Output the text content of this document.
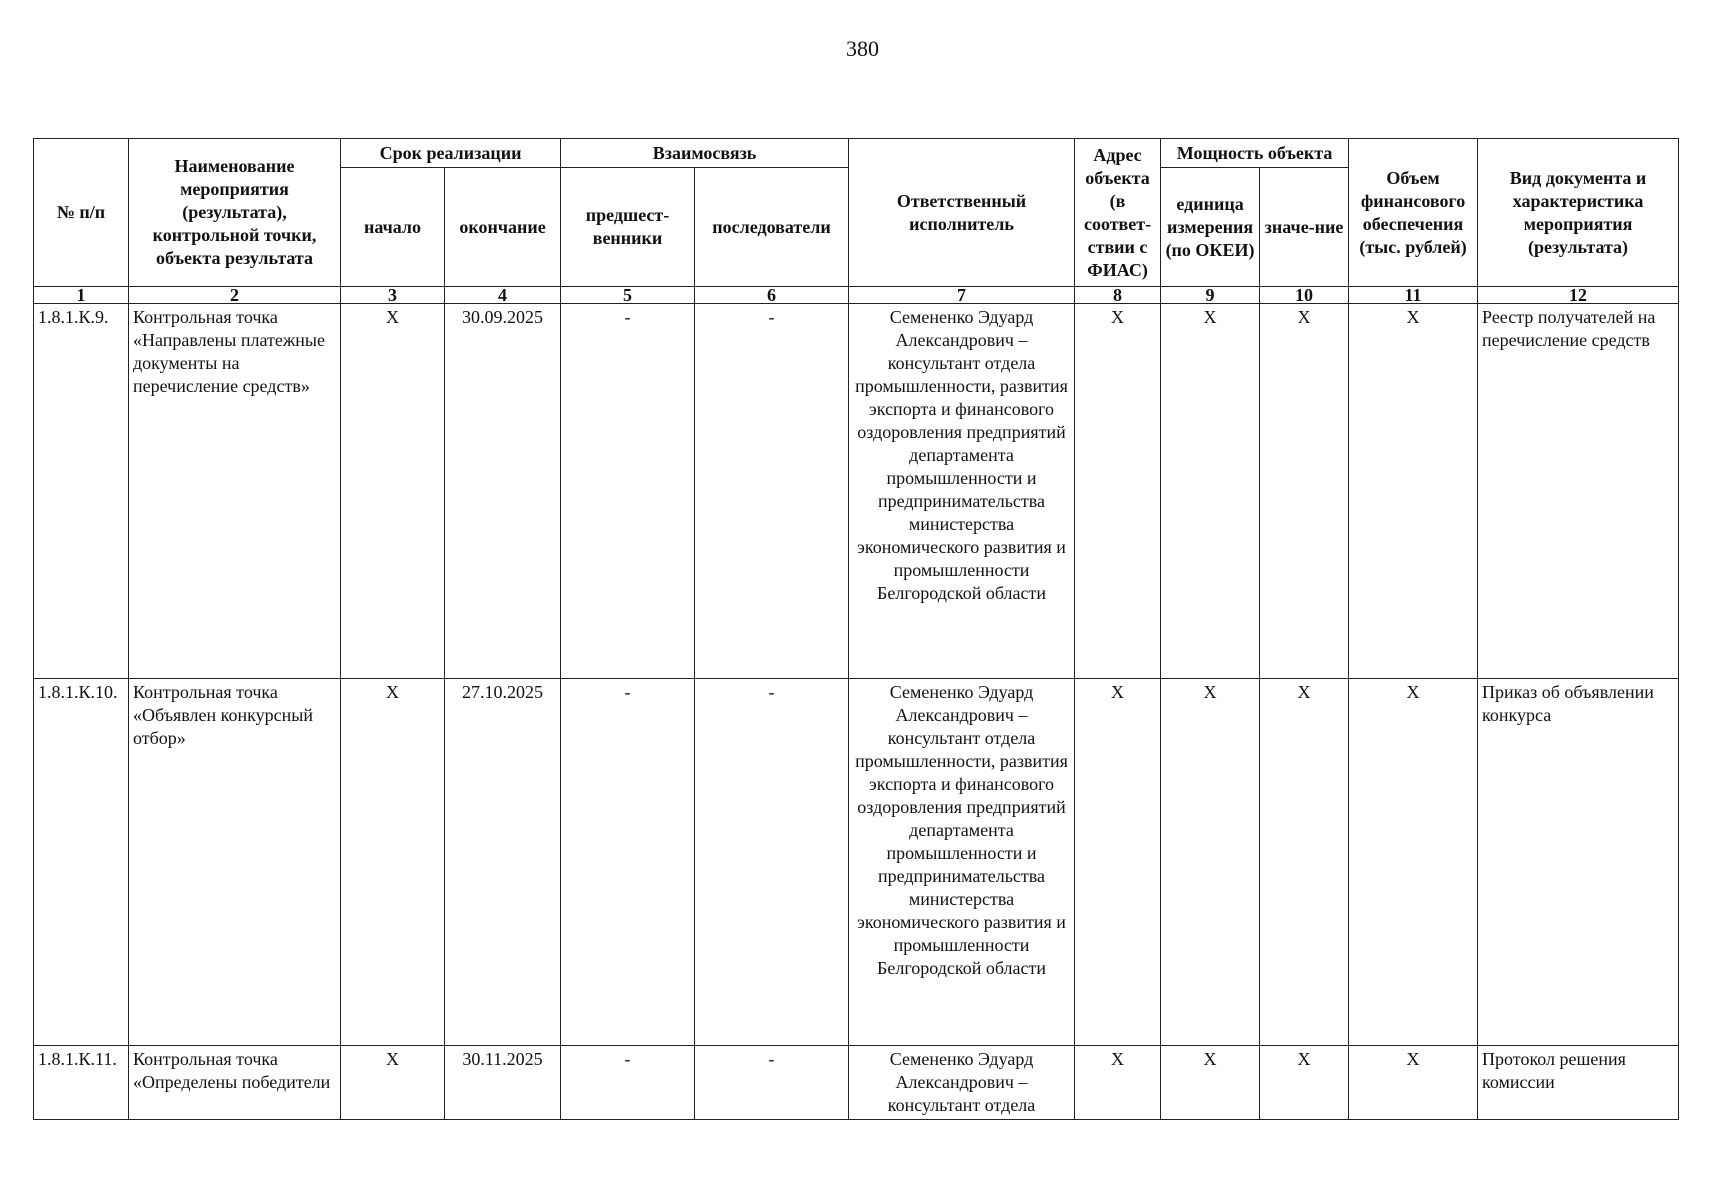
380
№ п/п	Наименование мероприятия (результата), контрольной точки, объекта результата	Срок реализации		Взаимосвязь		Ответственный исполнитель	Адрес объекта (в соответ-ствии с ФИАС)	Мощность объекта		Объем финансового обеспечения (тыс. рублей)	Вид документа и характеристика мероприятия (результата)
		начало	окончание	предшест-венники	последователи			единица измерения (по ОКЕИ)	значе-ние		
1	2	3	4	5	6	7	8	9	10	11	12
1.8.1.К.9.	Контрольная точка «Направлены платежные документы на перечисление средств»	X	30.09.2025	-	-	Семененко Эдуард Александрович – консультант отдела промышленности, развития экспорта и финансового оздоровления предприятий департамента промышленности и предпринимательства министерства экономического развития и промышленности Белгородской области	X	X	X	X	Реестр получателей на перечисление средств
1.8.1.К.10.	Контрольная точка «Объявлен конкурсный отбор»	X	27.10.2025	-	-	Семененко Эдуард Александрович – консультант отдела промышленности, развития экспорта и финансового оздоровления предприятий департамента промышленности и предпринимательства министерства экономического развития и промышленности Белгородской области	X	X	X	X	Приказ об объявлении конкурса
1.8.1.К.11.	Контрольная точка «Определены победители	X	30.11.2025	-	-	Семененко Эдуард Александрович – консультант отдела	X	X	X	X	Протокол решения комиссии
